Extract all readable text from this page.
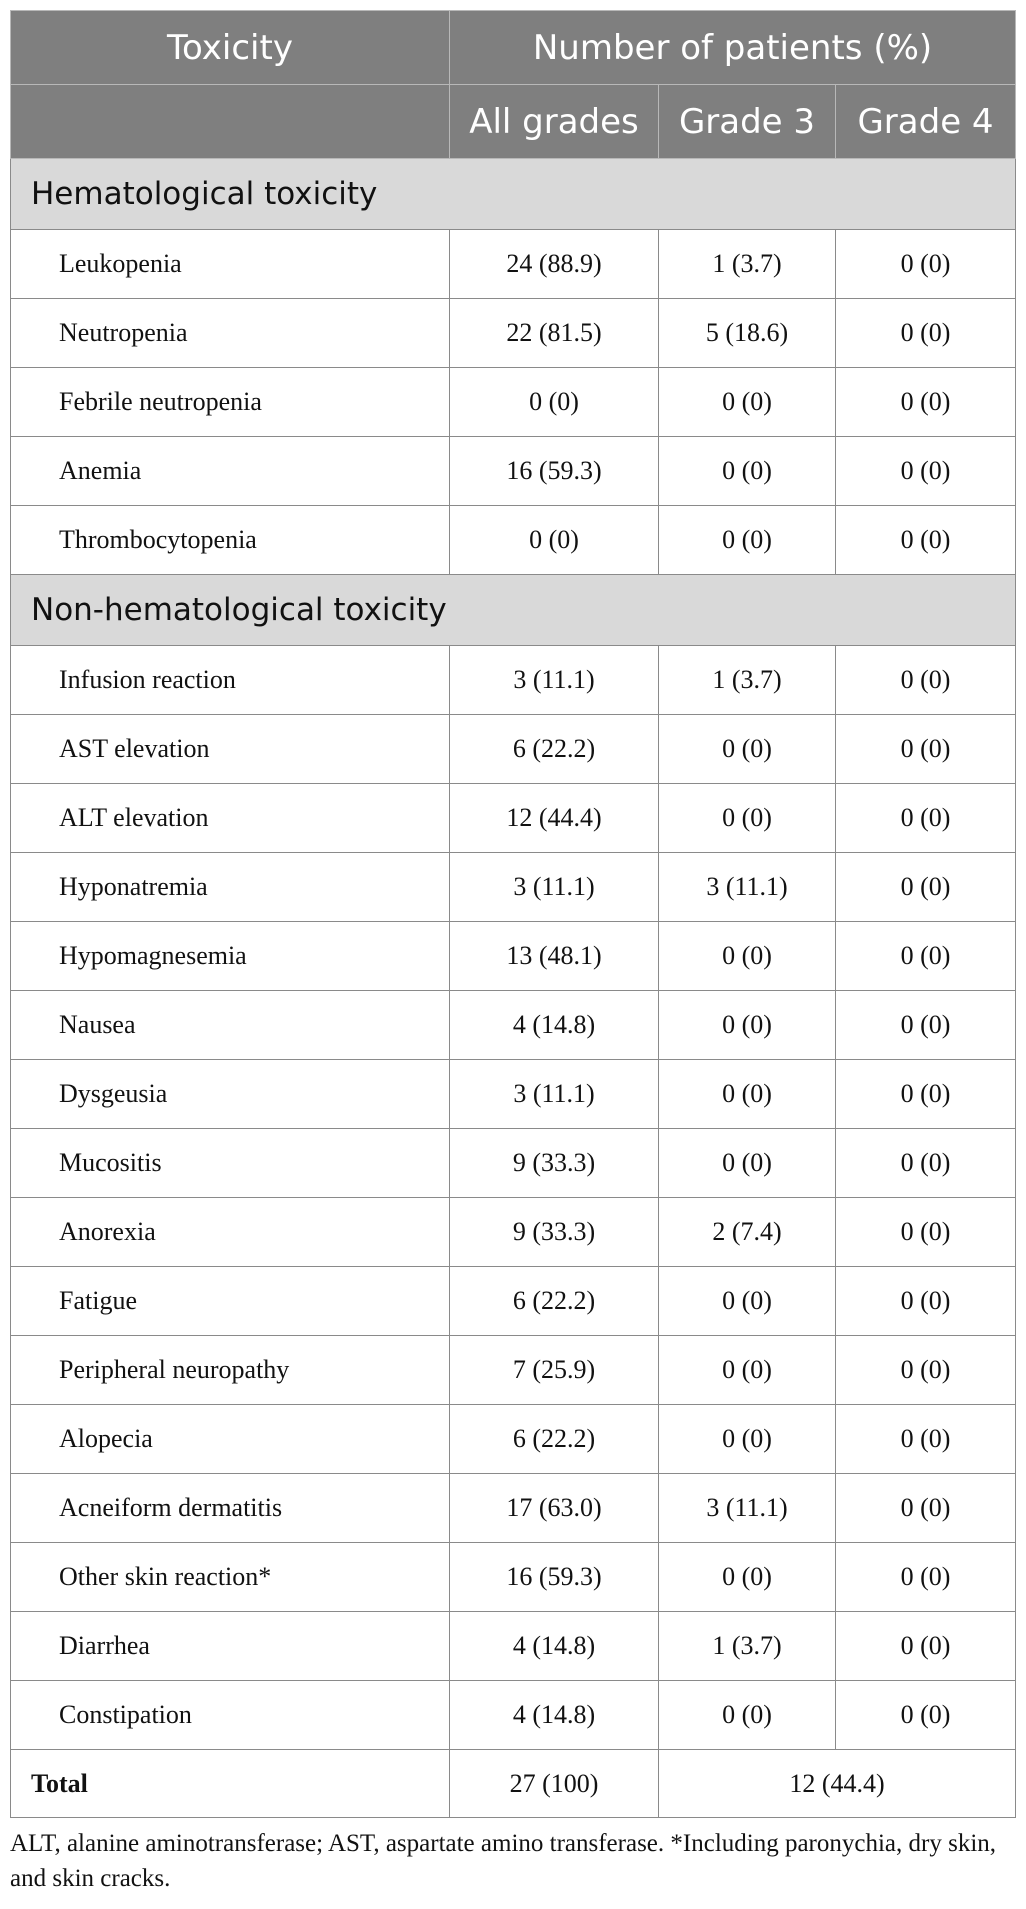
Toxicity	Number of patients (%)		
	All grades	Grade 3	Grade 4
Hematological toxicity			
Leukopenia	24 (88.9)	1 (3.7)	0 (0)
Neutropenia	22 (81.5)	5 (18.6)	0 (0)
Febrile neutropenia	0 (0)	0 (0)	0 (0)
Anemia	16 (59.3)	0 (0)	0 (0)
Thrombocytopenia	0 (0)	0 (0)	0 (0)
Non-hematological toxicity			
Infusion reaction	3 (11.1)	1 (3.7)	0 (0)
AST elevation	6 (22.2)	0 (0)	0 (0)
ALT elevation	12 (44.4)	0 (0)	0 (0)
Hyponatremia	3 (11.1)	3 (11.1)	0 (0)
Hypomagnesemia	13 (48.1)	0 (0)	0 (0)
Nausea	4 (14.8)	0 (0)	0 (0)
Dysgeusia	3 (11.1)	0 (0)	0 (0)
Mucositis	9 (33.3)	0 (0)	0 (0)
Anorexia	9 (33.3)	2 (7.4)	0 (0)
Fatigue	6 (22.2)	0 (0)	0 (0)
Peripheral neuropathy	7 (25.9)	0 (0)	0 (0)
Alopecia	6 (22.2)	0 (0)	0 (0)
Acneiform dermatitis	17 (63.0)	3 (11.1)	0 (0)
Other skin reaction*	16 (59.3)	0 (0)	0 (0)
Diarrhea	4 (14.8)	1 (3.7)	0 (0)
Constipation	4 (14.8)	0 (0)	0 (0)
Total	27 (100)	12 (44.4)	

ALT, alanine aminotransferase; AST, aspartate amino transferase. *Including paronychia, dry skin, and skin cracks.
